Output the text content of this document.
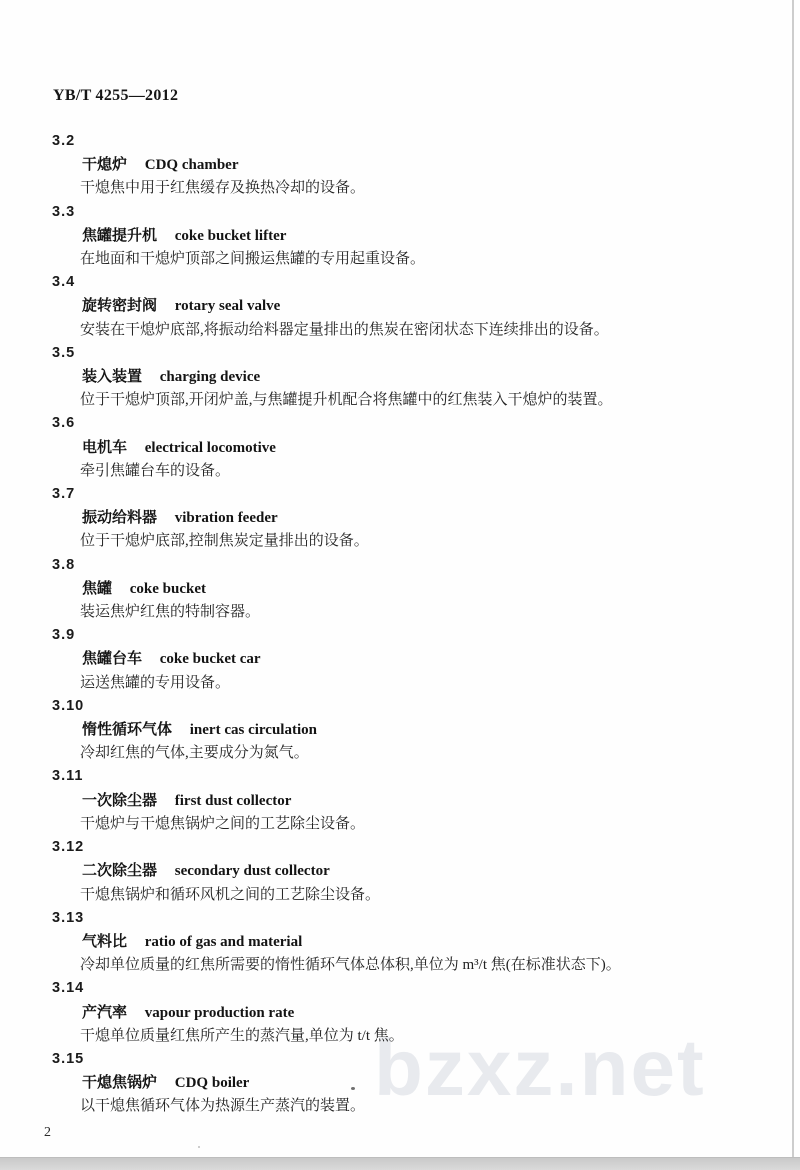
bzxz.net
YB/T 4255—2012
3.2
干熄炉 CDQ chamber
干熄焦中用于红焦缓存及换热冷却的设备。
3.3
焦罐提升机 coke bucket lifter
在地面和干熄炉顶部之间搬运焦罐的专用起重设备。
3.4
旋转密封阀 rotary seal valve
安装在干熄炉底部,将振动给料器定量排出的焦炭在密闭状态下连续排出的设备。
3.5
装入装置 charging device
位于干熄炉顶部,开闭炉盖,与焦罐提升机配合将焦罐中的红焦装入干熄炉的装置。
3.6
电机车 electrical locomotive
牵引焦罐台车的设备。
3.7
振动给料器 vibration feeder
位于干熄炉底部,控制焦炭定量排出的设备。
3.8
焦罐 coke bucket
装运焦炉红焦的特制容器。
3.9
焦罐台车 coke bucket car
运送焦罐的专用设备。
3.10
惰性循环气体 inert cas circulation
冷却红焦的气体,主要成分为氮气。
3.11
一次除尘器 first dust collector
干熄炉与干熄焦锅炉之间的工艺除尘设备。
3.12
二次除尘器 secondary dust collector
干熄焦锅炉和循环风机之间的工艺除尘设备。
3.13
气料比 ratio of gas and material
冷却单位质量的红焦所需要的惰性循环气体总体积,单位为 m³/t 焦(在标准状态下)。
3.14
产汽率 vapour production rate
干熄单位质量红焦所产生的蒸汽量,单位为 t/t 焦。
3.15
干熄焦锅炉 CDQ boiler
以干熄焦循环气体为热源生产蒸汽的装置。
2
